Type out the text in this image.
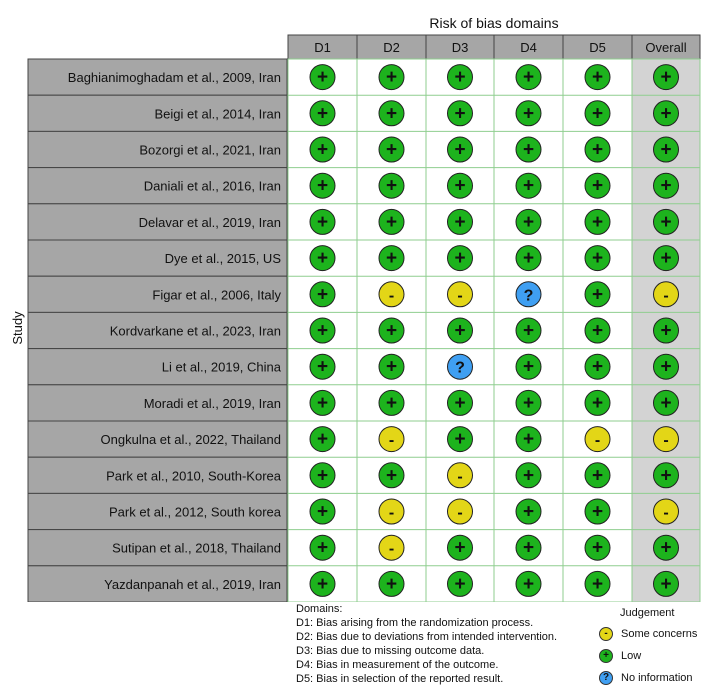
Risk of bias domains
Study
D1	D2	D3	D4	D5	Overall
Baghianimoghadam et al., 2009, Iran +	+	+	+	+	+
Beigi et al., 2014, Iran +	+	+	+	+	+
Bozorgi et al., 2021, Iran +	+	+	+	+	+
Daniali et al., 2016, Iran +	+	+	+	+	+
Delavar et al., 2019, Iran +	+	+	+	+	+
Dye et al., 2015, US +	+	+	+	+	+
Figar et al., 2006, Italy +	-	-	?	+	-
Kordvarkane et al., 2023, Iran +	+	+	+	+	+
Li et al., 2019, China +	+	?	+	+	+
Moradi et al., 2019, Iran +	+	+	+	+	+
Ongkulna et al., 2022, Thailand +	-	+	+	-	-
Park et al., 2010, South-Korea +	+	-	+	+	+
Park et al., 2012, South korea +	-	-	+	+	-
Sutipan et al., 2018, Thailand +	-	+	+	+	+
Yazdanpanah et al., 2019, Iran +	+	+	+	+	+
Domains:
D1: Bias arising from the randomization process.
D2: Bias due to deviations from intended intervention.
D3: Bias due to missing outcome data.
D4: Bias in measurement of the outcome.
D5: Bias in selection of the reported result.
Judgement
-	Some concerns
+	Low
?	No information
